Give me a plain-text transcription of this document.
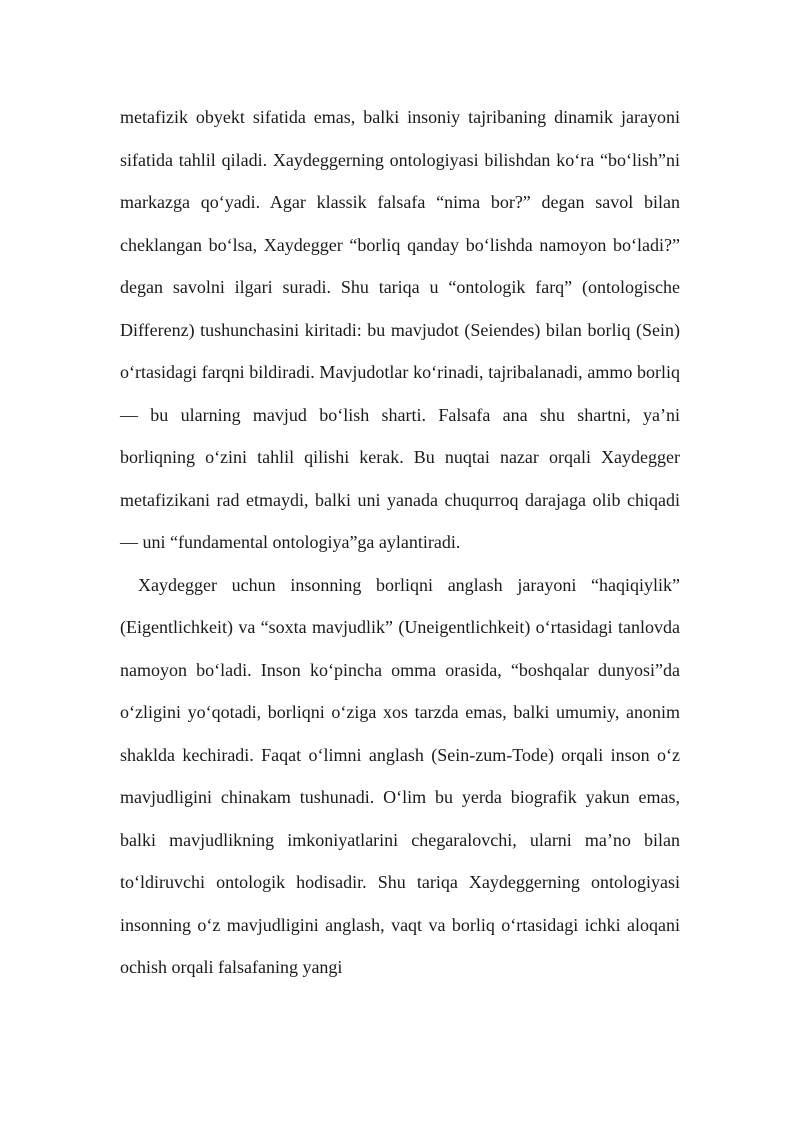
metafizik obyekt sifatida emas, balki insoniy tajribaning dinamik jarayoni sifatida tahlil qiladi. Xaydeggerning ontologiyasi bilishdan koʻra “boʻlish”ni markazga qoʻyadi. Agar klassik falsafa “nima bor?” degan savol bilan cheklangan boʻlsa, Xaydegger “borliq qanday boʻlishda namoyon boʻladi?” degan savolni ilgari suradi. Shu tariqa u “ontologik farq” (ontologische Differenz) tushunchasini kiritadi: bu mavjudot (Seiendes) bilan borliq (Sein) oʻrtasidagi farqni bildiradi. Mavjudotlar koʻrinadi, tajribalanadi, ammo borliq — bu ularning mavjud boʻlish sharti. Falsafa ana shu shartni, yaʼni borliqning oʻzini tahlil qilishi kerak. Bu nuqtai nazar orqali Xaydegger metafizikani rad etmaydi, balki uni yanada chuqurroq darajaga olib chiqadi — uni “fundamental ontologiya”ga aylantiradi.

Xaydegger uchun insonning borliqni anglash jarayoni “haqiqiylik” (Eigentlichkeit) va “soxta mavjudlik” (Uneigentlichkeit) oʻrtasidagi tanlovda namoyon boʻladi. Inson koʻpincha omma orasida, “boshqalar dunyosi”da oʻzligini yoʻqotadi, borliqni oʻziga xos tarzda emas, balki umumiy, anonim shaklda kechiradi. Faqat oʻlimni anglash (Sein-zum-Tode) orqali inson oʻz mavjudligini chinakam tushunadi. Oʻlim bu yerda biografik yakun emas, balki mavjudlikning imkoniyatlarini chegaralovchi, ularni maʼno bilan toʻldiruvchi ontologik hodisadir. Shu tariqa Xaydeggerning ontologiyasi insonning oʻz mavjudligini anglash, vaqt va borliq oʻrtasidagi ichki aloqani ochish orqali falsafaning yangi
